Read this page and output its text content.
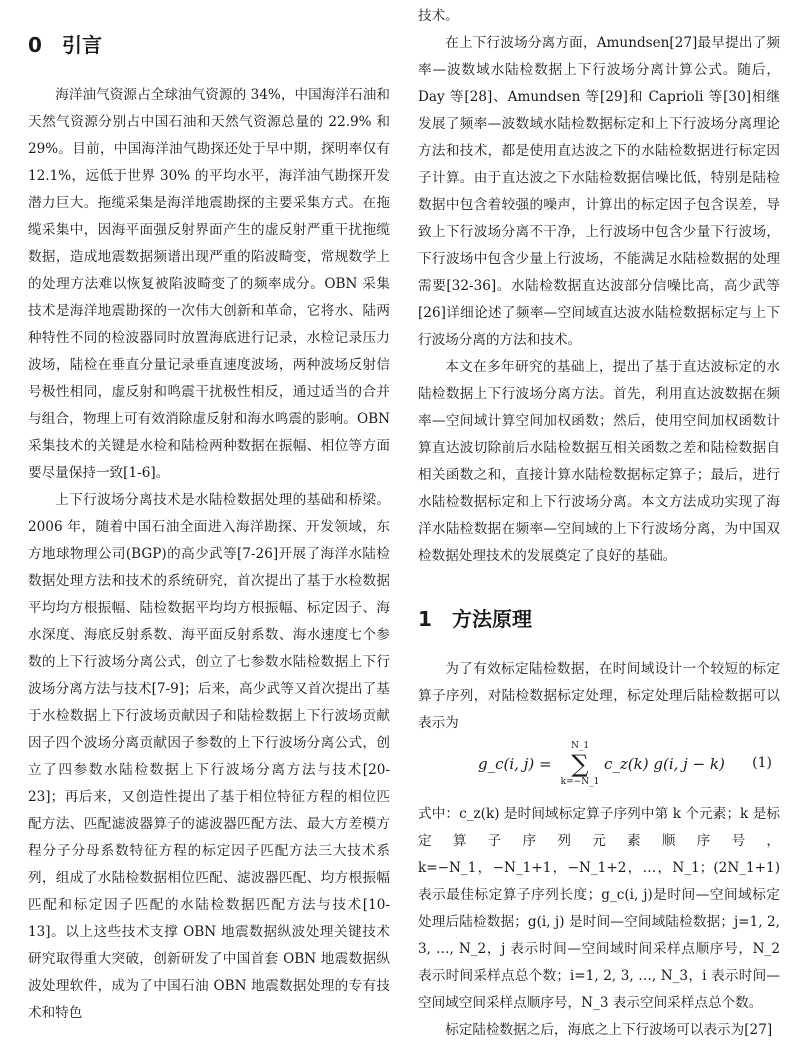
0 引言

海洋油气资源占全球油气资源的 34%，中国海洋石油和天然气资源分别占中国石油和天然气资源总量的 22.9% 和 29%。目前，中国海洋油气勘探还处于早中期，探明率仅有 12.1%，远低于世界 30% 的平均水平，海洋油气勘探开发潜力巨大。拖缆采集是海洋地震勘探的主要采集方式。在拖缆采集中，因海平面强反射界面产生的虚反射严重干扰拖缆数据，造成地震数据频谱出现严重的陷波畸变，常规数学上的处理方法难以恢复被陷波畸变了的频率成分。OBN 采集技术是海洋地震勘探的一次伟大创新和革命，它将水、陆两种特性不同的检波器同时放置海底进行记录，水检记录压力波场，陆检在垂直分量记录垂直速度波场，两种波场反射信号极性相同，虚反射和鸣震干扰极性相反，通过适当的合并与组合，物理上可有效消除虚反射和海水鸣震的影响。OBN 采集技术的关键是水检和陆检两种数据在振幅、相位等方面要尽量保持一致[1-6]。

上下行波场分离技术是水陆检数据处理的基础和桥梁。2006 年，随着中国石油全面进入海洋勘探、开发领域，东方地球物理公司(BGP)的高少武等[7-26]开展了海洋水陆检数据处理方法和技术的系统研究，首次提出了基于水检数据平均均方根振幅、陆检数据平均均方根振幅、标定因子、海水深度、海底反射系数、海平面反射系数、海水速度七个参数的上下行波场分离公式，创立了七参数水陆检数据上下行波场分离方法与技术[7-9]；后来，高少武等又首次提出了基于水检数据上下行波场贡献因子和陆检数据上下行波场贡献因子四个波场分离贡献因子参数的上下行波场分离公式，创立了四参数水陆检数据上下行波场分离方法与技术[20-23]；再后来，又创造性提出了基于相位特征方程的相位匹配方法、匹配滤波器算子的滤波器匹配方法、最大方差模方程分子分母系数特征方程的标定因子匹配方法三大技术系列，组成了水陆检数据相位匹配、滤波器匹配、均方根振幅匹配和标定因子匹配的水陆检数据匹配方法与技术[10-13]。以上这些技术支撑 OBN 地震数据纵波处理关键技术研究取得重大突破，创新研发了中国首套 OBN 地震数据纵波处理软件，成为了中国石油 OBN 地震数据处理的专有技术和特色

技术。

在上下行波场分离方面，Amundsen[27]最早提出了频率—波数域水陆检数据上下行波场分离计算公式。随后，Day 等[28]、Amundsen 等[29]和 Caprioli 等[30]相继发展了频率—波数域水陆检数据标定和上下行波场分离理论方法和技术，都是使用直达波之下的水陆检数据进行标定因子计算。由于直达波之下水陆检数据信噪比低，特别是陆检数据中包含着较强的噪声，计算出的标定因子包含误差，导致上下行波场分离不干净，上行波场中包含少量下行波场，下行波场中包含少量上行波场，不能满足水陆检数据的处理需要[32-36]。水陆检数据直达波部分信噪比高，高少武等[26]详细论述了频率—空间域直达波水陆检数据标定与上下行波场分离的方法和技术。

本文在多年研究的基础上，提出了基于直达波标定的水陆检数据上下行波场分离方法。首先，利用直达波数据在频率—空间域计算空间加权函数；然后，使用空间加权函数计算直达波切除前后水陆检数据互相关函数之差和陆检数据自相关函数之和，直接计算水陆检数据标定算子；最后，进行水陆检数据标定和上下行波场分离。本文方法成功实现了海洋水陆检数据在频率—空间域的上下行波场分离，为中国双检数据处理技术的发展奠定了良好的基础。

1 方法原理

为了有效标定陆检数据，在时间域设计一个较短的标定算子序列，对陆检数据标定处理，标定处理后陆检数据可以表示为

g_c(i, j) =
N_1
∑
k=−N_1
c_z(k) g(i, j − k) (1)

式中：c_z(k) 是时间域标定算子序列中第 k 个元素；k 是标定算子序列元素顺序号，k=−N_1，−N_1+1，−N_1+2，…，N_1；(2N_1+1)表示最佳标定算子序列长度；g_c(i, j)是时间—空间域标定处理后陆检数据；g(i, j) 是时间—空间域陆检数据；j=1, 2, 3, …, N_2，j 表示时间—空间域时间采样点顺序号，N_2 表示时间采样点总个数；i=1, 2, 3, …, N_3，i 表示时间—空间域空间采样点顺序号，N_3 表示空间采样点总个数。

标定陆检数据之后，海底之上下行波场可以表示为[27]
